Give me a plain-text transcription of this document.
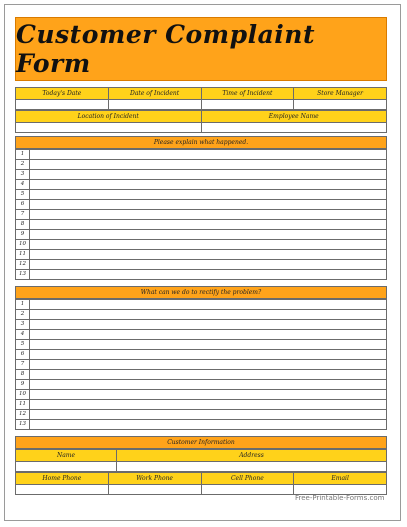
Customer Complaint Form
Today's Date	Date of Incident	Time of Incident	Store Manager

Location of Incident	Employee Name

Please explain what happened.
1	
2	
3	
4	
5	
6	
7	
8	
9	
10	
11	
12	
13	
What can we do to rectify the problem?
1	
2	
3	
4	
5	
6	
7	
8	
9	
10	
11	
12	
13	
Customer Information
Name	Address

Home Phone	Work Phone	Cell Phone	Email

Free-Printable-Forms.com
